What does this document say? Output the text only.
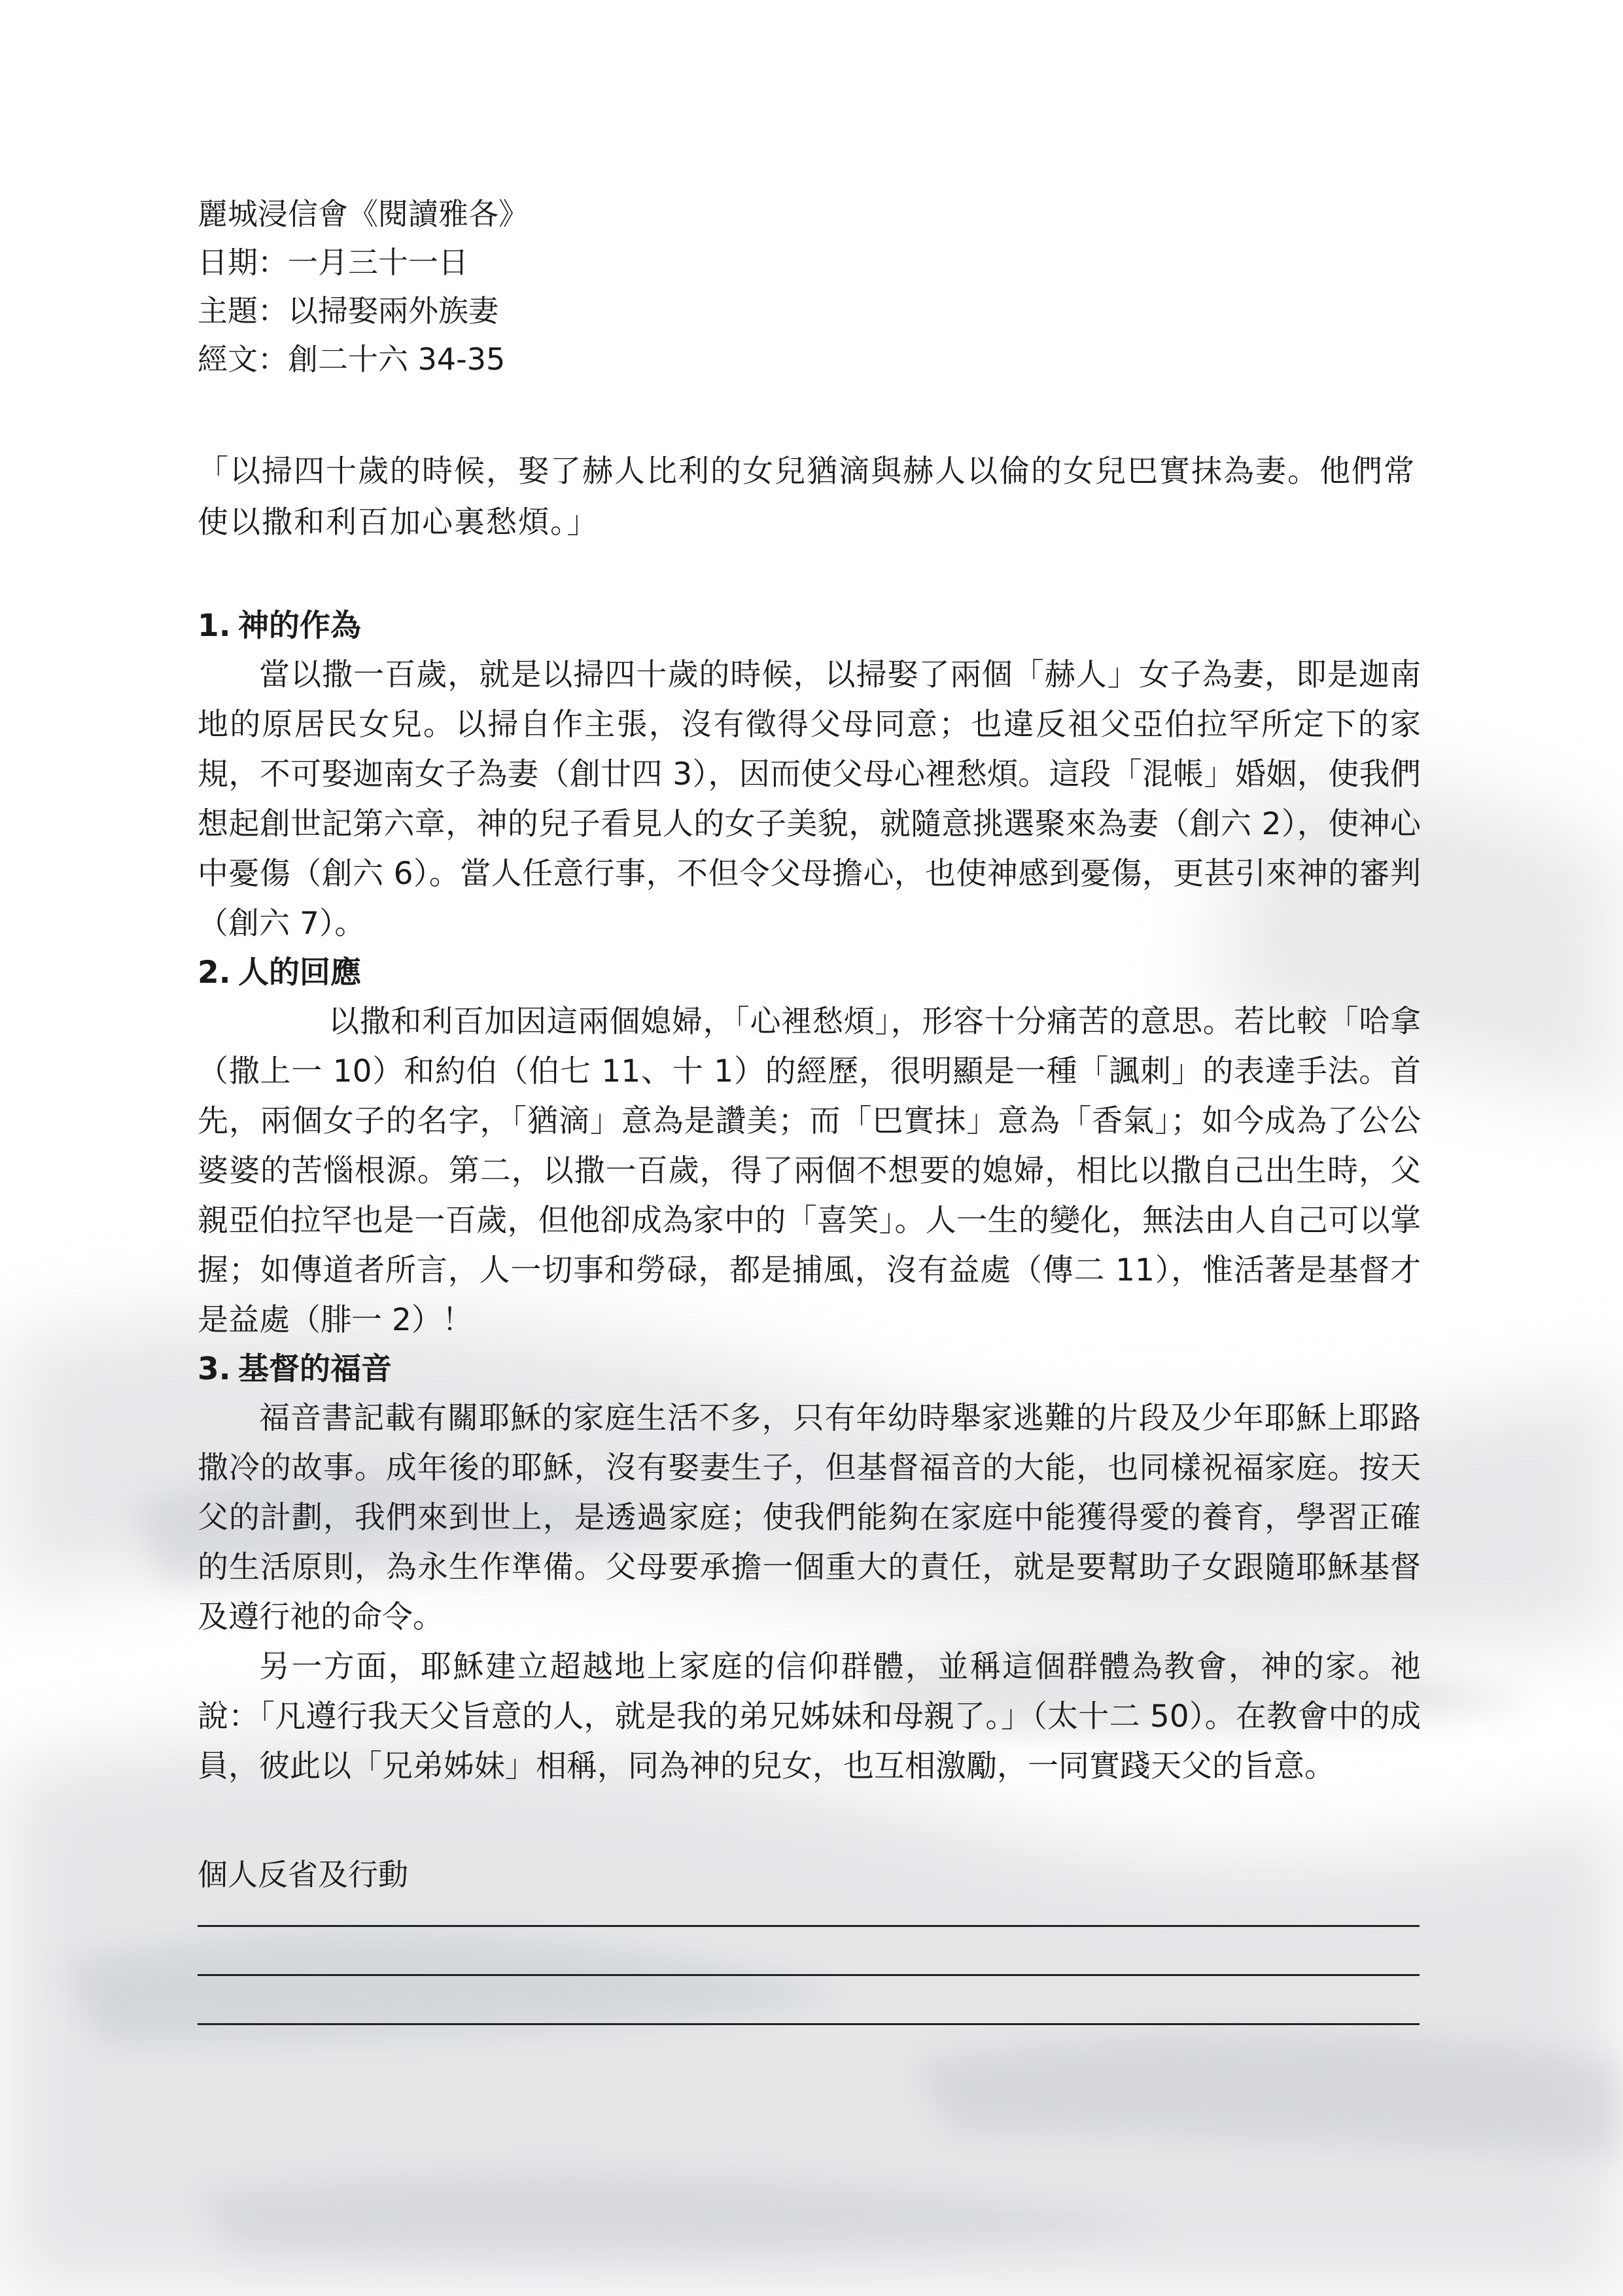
麗城浸信會《閱讀雅各》
日期：一月三十一日
主題：以掃娶兩外族妻
經文：創二十六 34-35
「以掃四十歲的時候，娶了赫人比利的女兒猶滴與赫人以倫的女兒巴實抹為妻。他們常使以撒和利百加心裏愁煩。」
1. 神的作為

當以撒一百歲，就是以掃四十歲的時候，以掃娶了兩個「赫人」女子為妻，即是迦南地的原居民女兒。以掃自作主張，沒有徵得父母同意；也違反祖父亞伯拉罕所定下的家規，不可娶迦南女子為妻（創廿四 3），因而使父母心裡愁煩。這段「混帳」婚姻，使我們想起創世記第六章，神的兒子看見人的女子美貌，就隨意挑選聚來為妻（創六 2），使神心中憂傷（創六 6）。當人任意行事，不但令父母擔心，也使神感到憂傷，更甚引來神的審判（創六 7）。

2. 人的回應

以撒和利百加因這兩個媳婦，「心裡愁煩」，形容十分痛苦的意思。若比較「哈拿（撒上一 10）和約伯（伯七 11、十 1）的經歷，很明顯是一種「諷刺」的表達手法。首先，兩個女子的名字，「猶滴」意為是讚美；而「巴實抹」意為「香氣」；如今成為了公公婆婆的苦惱根源。第二，以撒一百歲，得了兩個不想要的媳婦，相比以撒自己出生時，父親亞伯拉罕也是一百歲，但他卻成為家中的「喜笑」。人一生的變化，無法由人自己可以掌握；如傳道者所言，人一切事和勞碌，都是捕風，沒有益處（傳二 11），惟活著是基督才是益處（腓一 2）！

3. 基督的福音

福音書記載有關耶穌的家庭生活不多，只有年幼時舉家逃難的片段及少年耶穌上耶路撒冷的故事。成年後的耶穌，沒有娶妻生子，但基督福音的大能，也同樣祝福家庭。按天父的計劃，我們來到世上，是透過家庭；使我們能夠在家庭中能獲得愛的養育，學習正確的生活原則，為永生作準備。父母要承擔一個重大的責任，就是要幫助子女跟隨耶穌基督及遵行祂的命令。

另一方面，耶穌建立超越地上家庭的信仰群體，並稱這個群體為教會，神的家。祂說：「凡遵行我天父旨意的人，就是我的弟兄姊妹和母親了。」（太十二 50）。在教會中的成員，彼此以「兄弟姊妹」相稱，同為神的兒女，也互相激勵，一同實踐天父的旨意。

個人反省及行動
